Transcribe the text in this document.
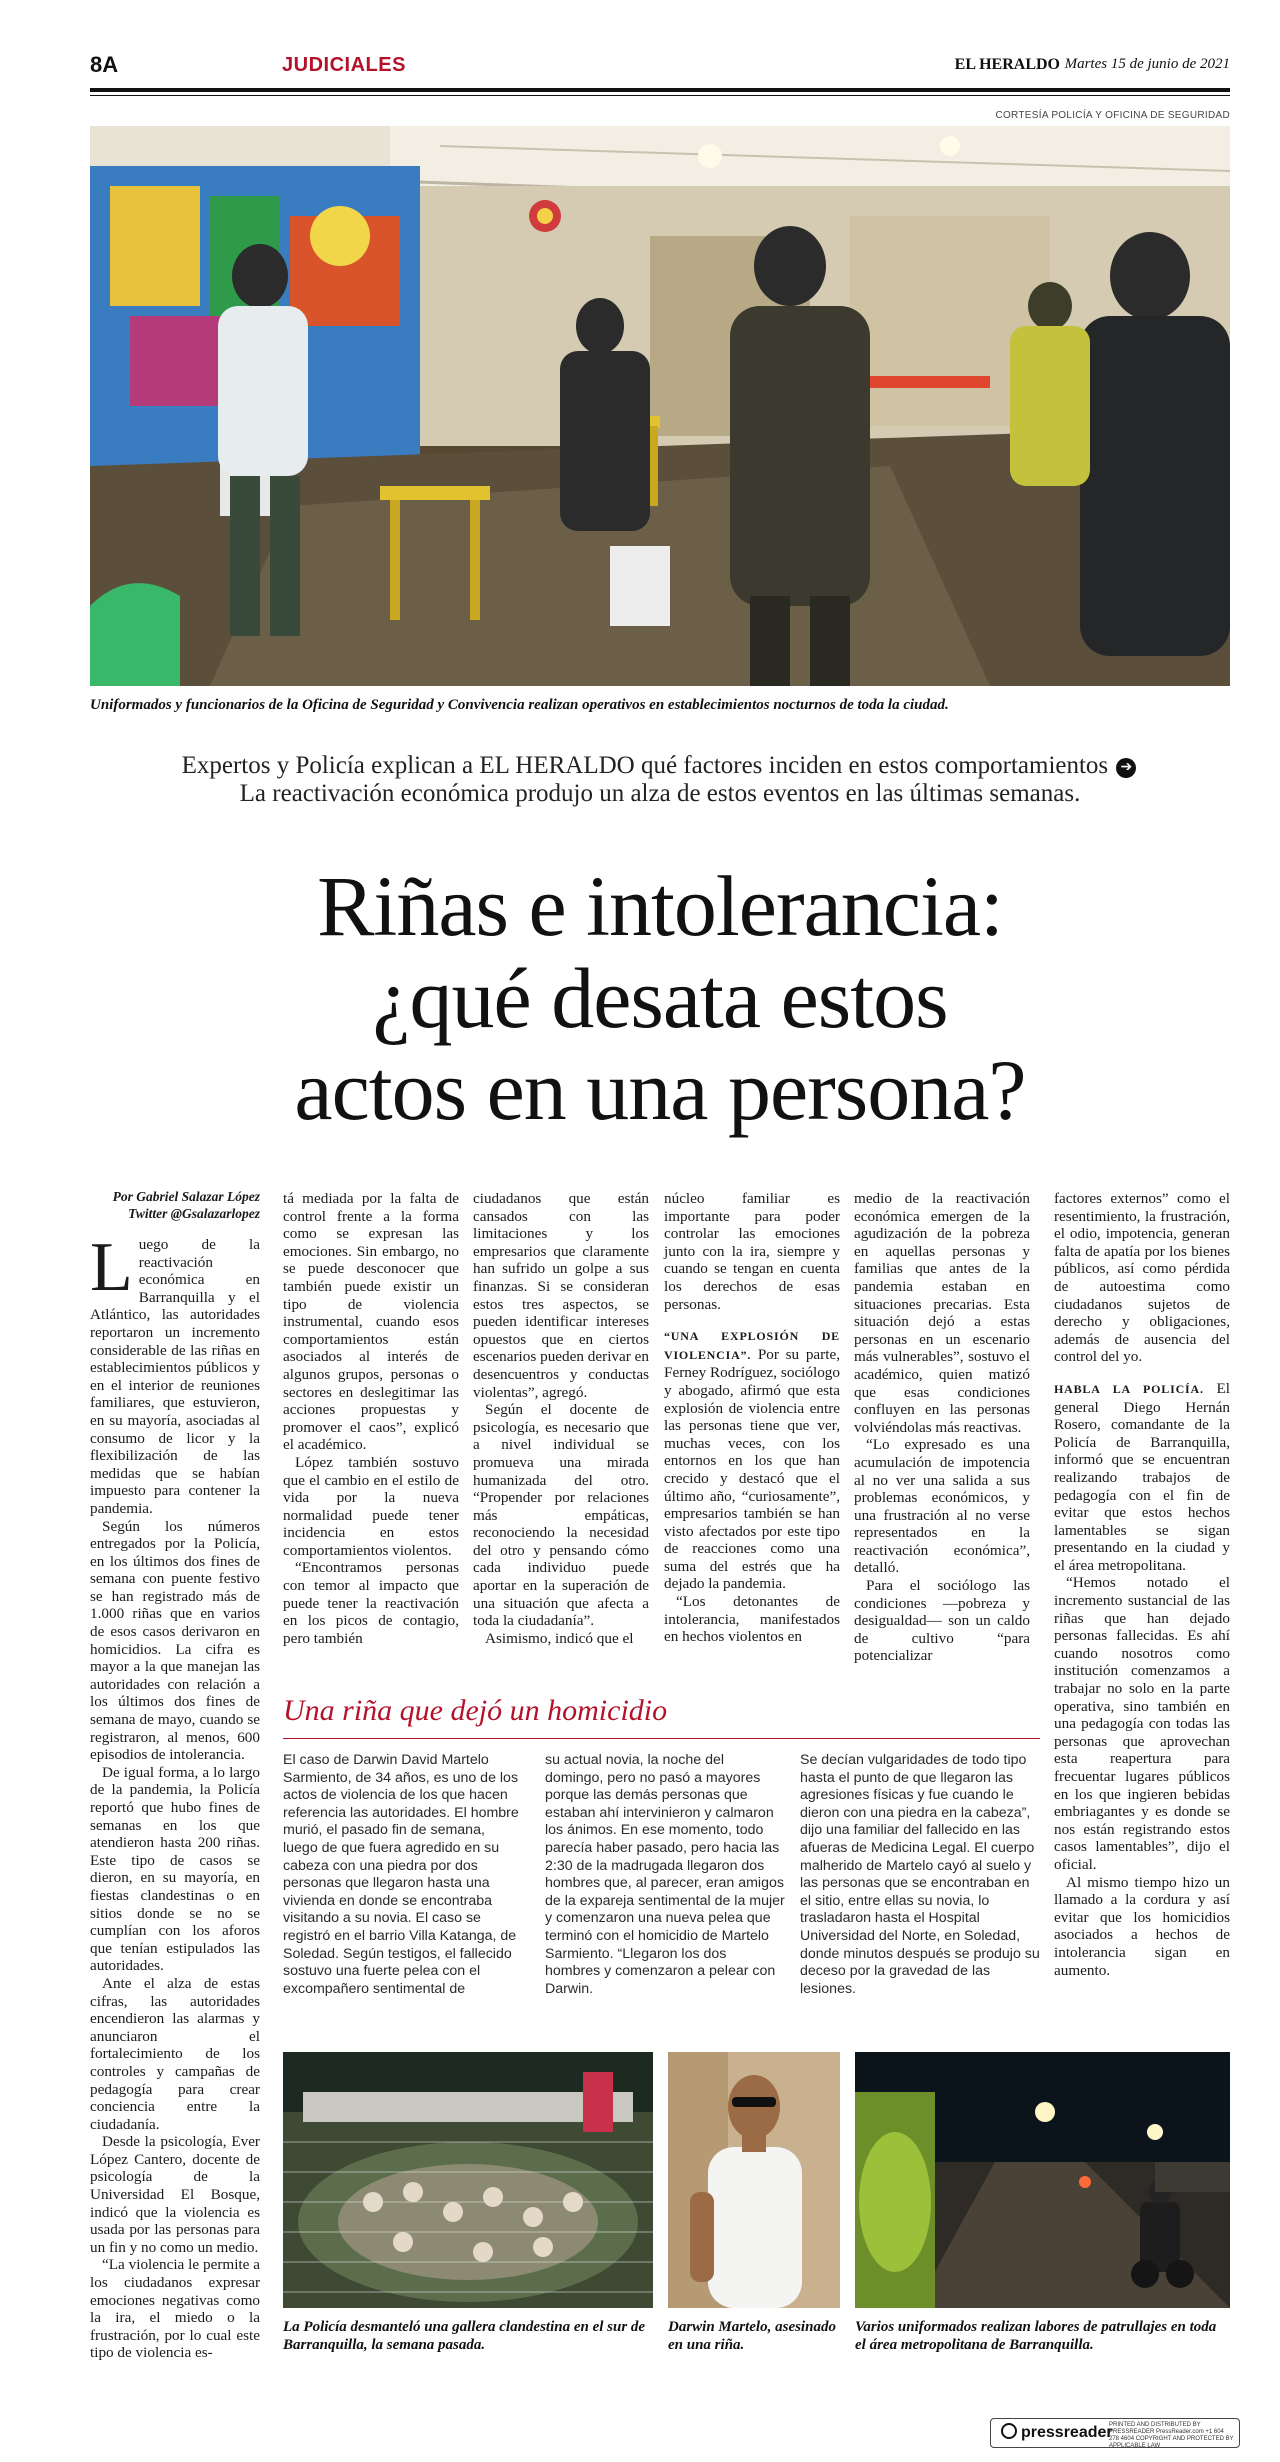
8A	JUDICIALES	EL HERALDO Martes 15 de junio de 2021
CORTESÍA POLICÍA Y OFICINA DE SEGURIDAD
Uniformados y funcionarios de la Oficina de Seguridad y Convivencia realizan operativos en establecimientos nocturnos de toda la ciudad.
Expertos y Policía explican a EL HERALDO qué factores inciden en estos comportamientos ➔ La reactivación económica produjo un alza de estos eventos en las últimas semanas.
Riñas e intolerancia:
¿qué desata estos
actos en una persona?
Por Gabriel Salazar López
Twitter @Gsalazarlopez

Luego de la reactivación económica en Barranquilla y el Atlántico, las autoridades reportaron un incremento considerable de las riñas en establecimientos públicos y en el interior de reuniones familiares, que estuvieron, en su mayoría, asociadas al consumo de licor y la flexibilización de las medidas que se habían impuesto para contener la pandemia.

Según los números entregados por la Policía, en los últimos dos fines de semana con puente festivo se han registrado más de 1.000 riñas que en varios de esos casos derivaron en homicidios. La cifra es mayor a la que manejan las autoridades con relación a los últimos dos fines de semana de mayo, cuando se registraron, al menos, 600 episodios de intolerancia.

De igual forma, a lo largo de la pandemia, la Policía reportó que hubo fines de semanas en los que atendieron hasta 200 riñas. Este tipo de casos se dieron, en su mayoría, en fiestas clandestinas o en sitios donde se no se cumplían con los aforos que tenían estipulados las autoridades.

Ante el alza de estas cifras, las autoridades encendieron las alarmas y anunciaron el fortalecimiento de los controles y campañas de pedagogía para crear conciencia entre la ciudadanía.

Desde la psicología, Ever López Cantero, docente de psicología de la Universidad El Bosque, indicó que la violencia es usada por las personas para un fin y no como un medio.

“La violencia le permite a los ciudadanos expresar emociones negativas como la ira, el miedo o la frustración, por lo cual este tipo de violencia es-

tá mediada por la falta de control frente a la forma como se expresan las emociones. Sin embargo, no se puede desconocer que también puede existir un tipo de violencia instrumental, cuando esos comportamientos están asociados al interés de algunos grupos, personas o sectores en deslegitimar las acciones propuestas y promover el caos”, explicó el académico.

López también sostuvo que el cambio en el estilo de vida por la nueva normalidad puede tener incidencia en estos comportamientos violentos.

“Encontramos personas con temor al impacto que puede tener la reactivación en los picos de contagio, pero también

ciudadanos que están cansados con las limitaciones y los empresarios que claramente han sufrido un golpe a sus finanzas. Si se consideran estos tres aspectos, se pueden identificar intereses opuestos que en ciertos escenarios pueden derivar en desencuentros y conductas violentas”, agregó.

Según el docente de psicología, es necesario que a nivel individual se promueva una mirada humanizada del otro. “Propender por relaciones más empáticas, reconociendo la necesidad del otro y pensando cómo cada individuo puede aportar en la superación de una situación que afecta a toda la ciudadanía”.

Asimismo, indicó que el

núcleo familiar es importante para poder controlar las emociones junto con la ira, siempre y cuando se tengan en cuenta los derechos de esas personas.

“UNA EXPLOSIÓN DE VIOLENCIA”. Por su parte, Ferney Rodríguez, sociólogo y abogado, afirmó que esta explosión de violencia entre las personas tiene que ver, muchas veces, con los entornos en los que han crecido y destacó que el último año, “curiosamente”, empresarios también se han visto afectados por este tipo de reacciones como una suma del estrés que ha dejado la pandemia.

“Los detonantes de intolerancia, manifestados en hechos violentos en

medio de la reactivación económica emergen de la agudización de la pobreza en aquellas personas y familias que antes de la pandemia estaban en situaciones precarias. Esta situación dejó a estas personas en un escenario más vulnerables”, sostuvo el académico, quien matizó que esas condiciones confluyen en las personas volviéndolas más reactivas.

“Lo expresado es una acumulación de impotencia al no ver una salida a sus problemas económicos, y una frustración al no verse representados en la reactivación económica”, detalló.

Para el sociólogo las condiciones —pobreza y desigualdad— son un caldo de cultivo “para potencializar

factores externos” como el resentimiento, la frustración, el odio, impotencia, generan falta de apatía por los bienes públicos, así como pérdida de autoestima como ciudadanos sujetos de derecho y obligaciones, además de ausencia del control del yo.

HABLA LA POLICÍA. El general Diego Hernán Rosero, comandante de la Policía de Barranquilla, informó que se encuentran realizando trabajos de pedagogía con el fin de evitar que estos hechos lamentables se sigan presentando en la ciudad y el área metropolitana.

“Hemos notado el incremento sustancial de las riñas que han dejado personas fallecidas. Es ahí cuando nosotros como institución comenzamos a trabajar no solo en la parte operativa, sino también en una pedagogía con todas las personas que aprovechan esta reapertura para frecuentar lugares públicos en los que ingieren bebidas embriagantes y es donde se nos están registrando estos casos lamentables”, dijo el oficial.

Al mismo tiempo hizo un llamado a la cordura y así evitar que los homicidios asociados a hechos de intolerancia sigan en aumento.

Una riña que dejó un homicidio
El caso de Darwin David Martelo Sarmiento, de 34 años, es uno de los actos de violencia de los que hacen referencia las autoridades. El hombre murió, el pasado fin de semana, luego de que fuera agredido en su cabeza con una piedra por dos personas que llegaron hasta una vivienda en donde se encontraba visitando a su novia. El caso se registró en el barrio Villa Katanga, de Soledad. Según testigos, el fallecido sostuvo una fuerte pelea con el excompañero sentimental de
su actual novia, la noche del domingo, pero no pasó a mayores porque las demás personas que estaban ahí intervinieron y calmaron los ánimos. En ese momento, todo parecía haber pasado, pero hacia las 2:30 de la madrugada llegaron dos hombres que, al parecer, eran amigos de la expareja sentimental de la mujer y comenzaron una nueva pelea que terminó con el homicidio de Martelo Sarmiento. “Llegaron los dos hombres y comenzaron a pelear con Darwin.
Se decían vulgaridades de todo tipo hasta el punto de que llegaron las agresiones físicas y fue cuando le dieron con una piedra en la cabeza”, dijo una familiar del fallecido en las afueras de Medicina Legal. El cuerpo malherido de Martelo cayó al suelo y las personas que se encontraban en el sitio, entre ellas su novia, lo trasladaron hasta el Hospital Universidad del Norte, en Soledad, donde minutos después se produjo su deceso por la gravedad de las lesiones.
La Policía desmanteló una gallera clandestina en el sur de Barranquilla, la semana pasada.
Darwin Martelo, asesinado en una riña.
Varios uniformados realizan labores de patrullajes en toda el área metropolitana de Barranquilla.
pressreader
PRINTED AND DISTRIBUTED BY PRESSREADER PressReader.com +1 604 278 4604 COPYRIGHT AND PROTECTED BY APPLICABLE LAW
